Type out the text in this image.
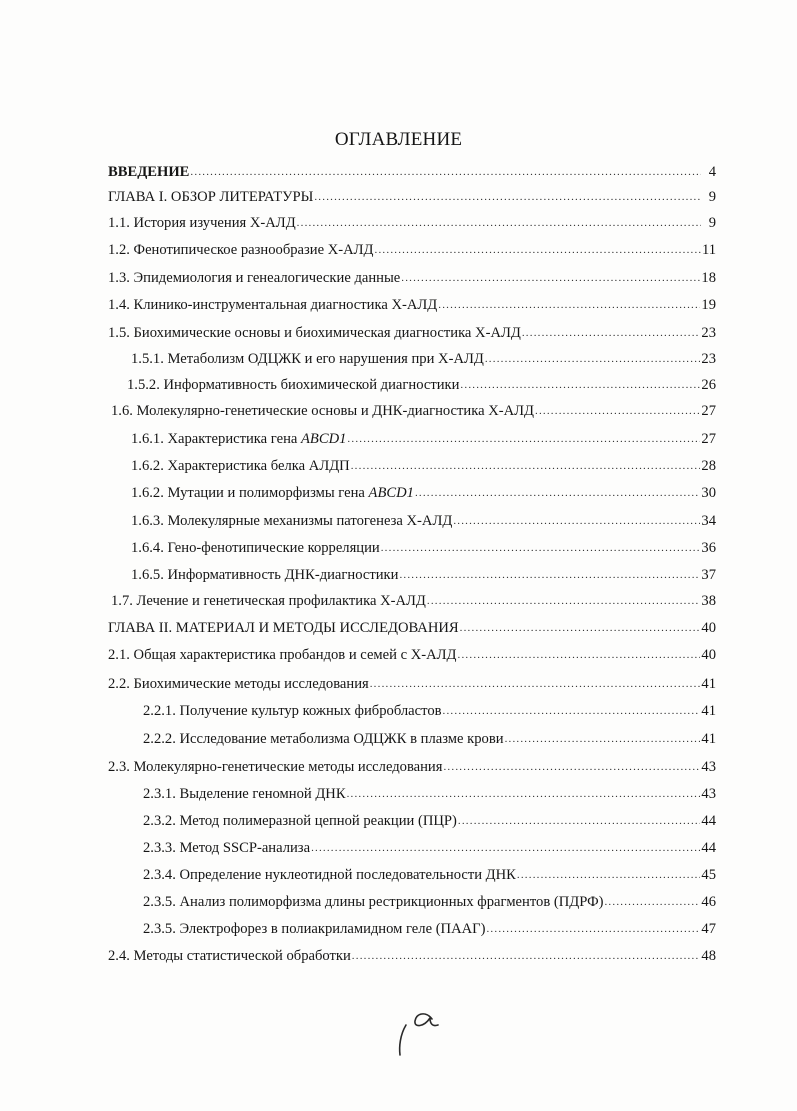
ОГЛАВЛЕНИЕ
ВВЕДЕНИЕ .....	4
ГЛАВА I. ОБЗОР ЛИТЕРАТУРЫ .....	9
1.1. История изучения Х-АЛД .....	9
1.2. Фенотипическое разнообразие Х-АЛД .....	11
1.3. Эпидемиология и генеалогические данные .....	18
1.4. Клинико-инструментальная диагностика Х-АЛД .....	19
1.5. Биохимические основы и биохимическая диагностика Х-АЛД .....	23
1.5.1. Метаболизм ОДЦЖК и его нарушения при Х-АЛД .....	23
1.5.2. Информативность биохимической диагностики .....	26
1.6. Молекулярно-генетические основы и ДНК-диагностика Х-АЛД .....	27
1.6.1. Характеристика гена ABCD1 .....	27
1.6.2. Характеристика белка АЛДП .....	28
1.6.2. Мутации и полиморфизмы гена ABCD1 .....	30
1.6.3. Молекулярные механизмы патогенеза Х-АЛД .....	34
1.6.4. Гено-фенотипические корреляции .....	36
1.6.5. Информативность ДНК-диагностики .....	37
1.7. Лечение и генетическая профилактика Х-АЛД .....	38
ГЛАВА II. МАТЕРИАЛ И МЕТОДЫ ИССЛЕДОВАНИЯ .....	40
2.1. Общая характеристика пробандов и семей с Х-АЛД .....	40
2.2. Биохимические методы исследования .....	41
2.2.1. Получение культур кожных фибробластов .....	41
2.2.2. Исследование метаболизма ОДЦЖК в плазме крови .....	41
2.3. Молекулярно-генетические методы исследования .....	43
2.3.1. Выделение геномной ДНК .....	43
2.3.2. Метод полимеразной цепной реакции (ПЦР) .....	44
2.3.3. Метод SSCP-анализа .....	44
2.3.4. Определение нуклеотидной последовательности ДНК .....	45
2.3.5. Анализ полиморфизма длины рестрикционных фрагментов (ПДРФ) .....	46
2.3.5. Электрофорез в полиакриламидном геле (ПААГ) .....	47
2.4. Методы статистической обработки .....	48
